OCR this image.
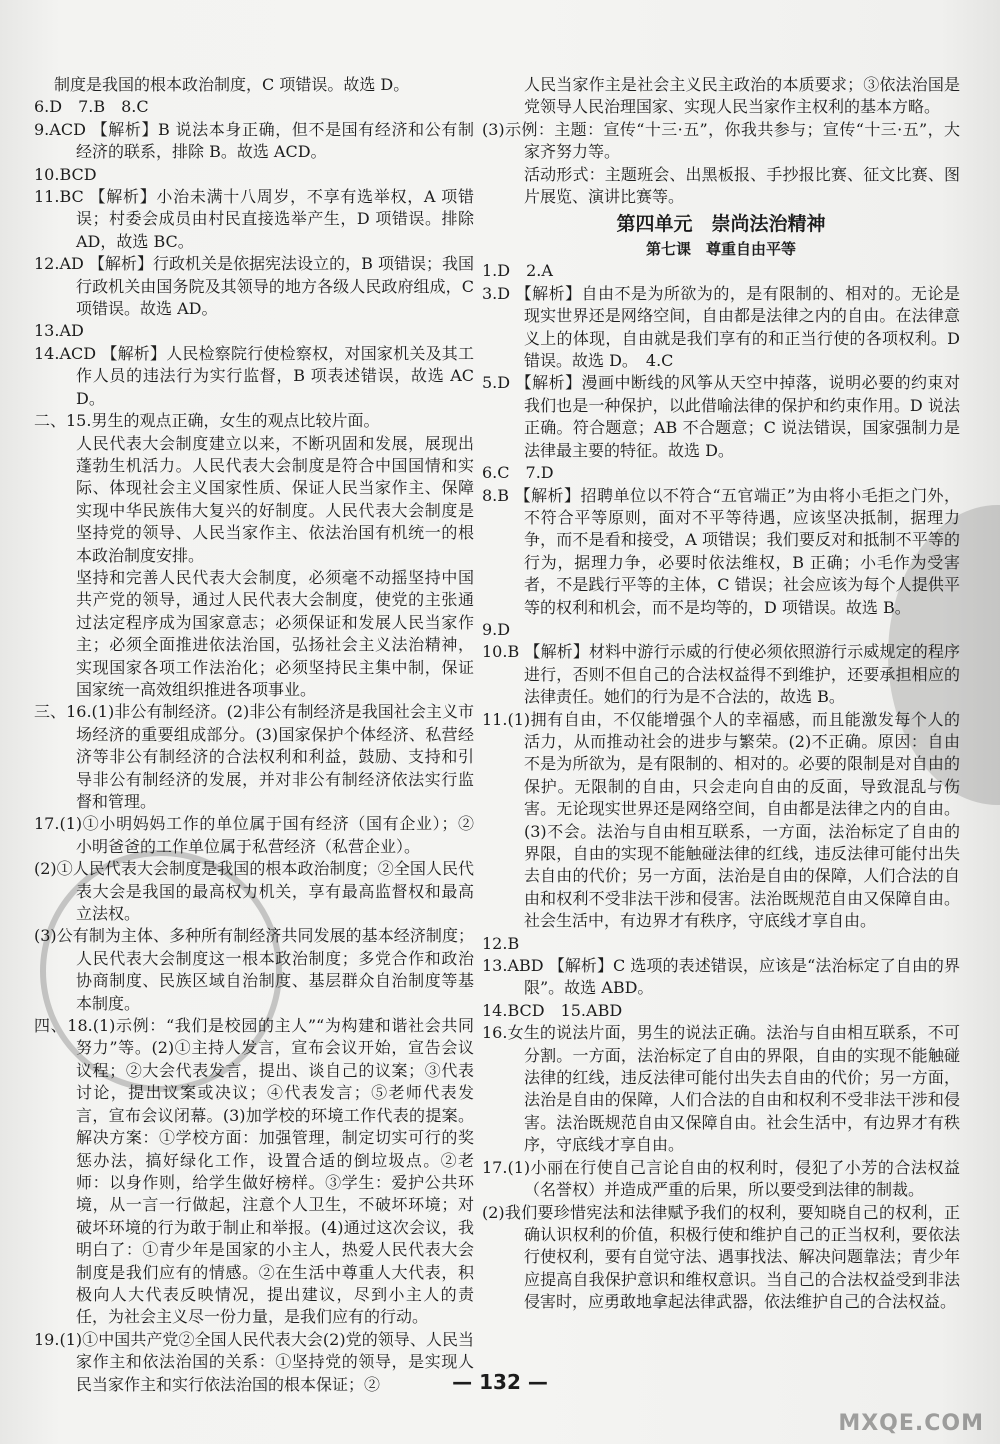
制度是我国的根本政治制度，C 项错误。故选 D。

6.D　7.B　8.C

9.ACD 【解析】B 说法本身正确，但不是国有经济和公有制经济的联系，排除 B。故选 ACD。

10.BCD

11.BC 【解析】小治未满十八周岁，不享有选举权，A 项错误；村委会成员由村民直接选举产生，D 项错误。排除 AD，故选 BC。

12.AD 【解析】行政机关是依据宪法设立的，B 项错误；我国行政机关由国务院及其领导的地方各级人民政府组成，C 项错误。故选 AD。

13.AD

14.ACD 【解析】人民检察院行使检察权，对国家机关及其工作人员的违法行为实行监督，B 项表述错误，故选 ACD。

二、15.男生的观点正确，女生的观点比较片面。

人民代表大会制度建立以来，不断巩固和发展，展现出蓬勃生机活力。人民代表大会制度是符合中国国情和实际、体现社会主义国家性质、保证人民当家作主、保障实现中华民族伟大复兴的好制度。人民代表大会制度是坚持党的领导、人民当家作主、依法治国有机统一的根本政治制度安排。

坚持和完善人民代表大会制度，必须毫不动摇坚持中国共产党的领导，通过人民代表大会制度，使党的主张通过法定程序成为国家意志；必须保证和发展人民当家作主；必须全面推进依法治国，弘扬社会主义法治精神，实现国家各项工作法治化；必须坚持民主集中制，保证国家统一高效组织推进各项事业。

三、16.(1)非公有制经济。(2)非公有制经济是我国社会主义市场经济的重要组成部分。(3)国家保护个体经济、私营经济等非公有制经济的合法权利和利益，鼓励、支持和引导非公有制经济的发展，并对非公有制经济依法实行监督和管理。

17.(1)①小明妈妈工作的单位属于国有经济（国有企业）；②小明爸爸的工作单位属于私营经济（私营企业）。

(2)①人民代表大会制度是我国的根本政治制度；②全国人民代表大会是我国的最高权力机关，享有最高监督权和最高立法权。

(3)公有制为主体、多种所有制经济共同发展的基本经济制度；人民代表大会制度这一根本政治制度；多党合作和政治协商制度、民族区域自治制度、基层群众自治制度等基本制度。

四、18.(1)示例：“我们是校园的主人”“为构建和谐社会共同努力”等。(2)①主持人发言，宣布会议开始，宣告会议议程；②大会代表发言，提出、谈自己的议案；③代表讨论，提出议案或决议；④代表发言；⑤老师代表发言，宣布会议闭幕。(3)加学校的环境工作代表的提案。解决方案：①学校方面：加强管理，制定切实可行的奖惩办法，搞好绿化工作，设置合适的倒垃圾点。②老师：以身作则，给学生做好榜样。③学生：爱护公共环境，从一言一行做起，注意个人卫生，不破坏环境；对破坏环境的行为敢于制止和举报。(4)通过这次会议，我明白了：①青少年是国家的小主人，热爱人民代表大会制度是我们应有的情感。②在生活中尊重人大代表，积极向人大代表反映情况，提出建议，尽到小主人的责任，为社会主义尽一份力量，是我们应有的行动。

19.(1)①中国共产党②全国人民代表大会(2)党的领导、人民当家作主和依法治国的关系：①坚持党的领导，是实现人民当家作主和实行依法治国的根本保证；②

人民当家作主是社会主义民主政治的本质要求；③依法治国是党领导人民治理国家、实现人民当家作主权利的基本方略。

(3)示例：主题：宣传“十三·五”，你我共参与；宣传“十三·五”，大家齐努力等。

活动形式：主题班会、出黑板报、手抄报比赛、征文比赛、图片展览、演讲比赛等。

第四单元　崇尚法治精神
第七课　尊重自由平等

1.D　2.A

3.D 【解析】自由不是为所欲为的，是有限制的、相对的。无论是现实世界还是网络空间，自由都是法律之内的自由。在法律意义上的体现，自由就是我们享有的和正当行使的各项权利。D 错误。故选 D。　4.C

5.D 【解析】漫画中断线的风筝从天空中掉落，说明必要的约束对我们也是一种保护，以此借喻法律的保护和约束作用。D 说法正确。符合题意；AB 不合题意；C 说法错误，国家强制力是法律最主要的特征。故选 D。

6.C　7.D

8.B 【解析】招聘单位以不符合“五官端正”为由将小毛拒之门外，不符合平等原则，面对不平等待遇，应该坚决抵制，据理力争，而不是看和接受，A 项错误；我们要反对和抵制不平等的行为，据理力争，必要时依法维权，B 正确；小毛作为受害者，不是践行平等的主体，C 错误；社会应该为每个人提供平等的权利和机会，而不是均等的，D 项错误。故选 B。

9.D

10.B 【解析】材料中游行示威的行使必须依照游行示威规定的程序进行，否则不但自己的合法权益得不到维护，还要承担相应的法律责任。她们的行为是不合法的，故选 B。

11.(1)拥有自由，不仅能增强个人的幸福感，而且能激发每个人的活力，从而推动社会的进步与繁荣。(2)不正确。原因：自由不是为所欲为，是有限制的、相对的。必要的限制是对自由的保护。无限制的自由，只会走向自由的反面，导致混乱与伤害。无论现实世界还是网络空间，自由都是法律之内的自由。(3)不会。法治与自由相互联系，一方面，法治标定了自由的界限，自由的实现不能触碰法律的红线，违反法律可能付出失去自由的代价；另一方面，法治是自由的保障，人们合法的自由和权利不受非法干涉和侵害。法治既规范自由又保障自由。社会生活中，有边界才有秩序，守底线才享自由。

12.B

13.ABD 【解析】C 选项的表述错误，应该是“法治标定了自由的界限”。故选 ABD。

14.BCD　15.ABD

16.女生的说法片面，男生的说法正确。法治与自由相互联系，不可分割。一方面，法治标定了自由的界限，自由的实现不能触碰法律的红线，违反法律可能付出失去自由的代价；另一方面，法治是自由的保障，人们合法的自由和权利不受非法干涉和侵害。法治既规范自由又保障自由。社会生活中，有边界才有秩序，守底线才享自由。

17.(1)小丽在行使自己言论自由的权利时，侵犯了小芳的合法权益（名誉权）并造成严重的后果，所以要受到法律的制裁。

(2)我们要珍惜宪法和法律赋予我们的权利，要知晓自己的权利，正确认识权利的价值，积极行使和维护自己的正当权利，要依法行使权利，要有自觉守法、遇事找法、解决问题靠法；青少年应提高自我保护意识和维权意识。当自己的合法权益受到非法侵害时，应勇敢地拿起法律武器，依法维护自己的合法权益。

— 132 —
MXQE.COM
